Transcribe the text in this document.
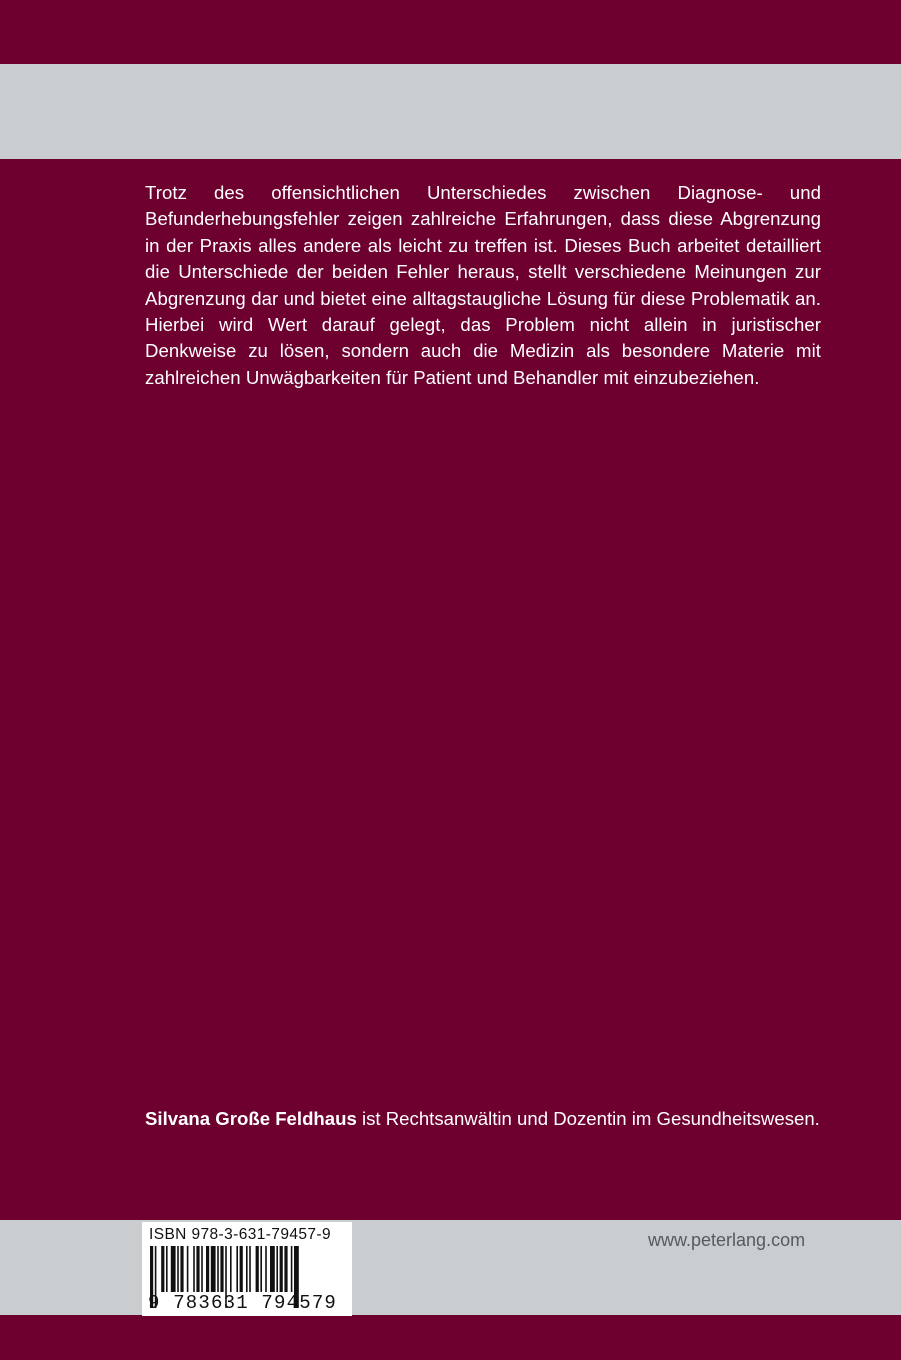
Trotz des offensichtlichen Unterschiedes zwischen Diagnose- und Befunderhebungsfehler zeigen zahlreiche Erfahrungen, dass diese Abgrenzung in der Praxis alles andere als leicht zu treffen ist. Dieses Buch arbeitet detailliert die Unterschiede der beiden Fehler heraus, stellt verschiedene Meinungen zur Abgrenzung dar und bietet eine alltagstaugliche Lösung für diese Problematik an. Hierbei wird Wert darauf gelegt, das Problem nicht allein in juristischer Denkweise zu lösen, sondern auch die Medizin als besondere Materie mit zahlreichen Unwägbarkeiten für Patient und Behandler mit einzubeziehen.

Silvana Große Feldhaus ist Rechtsanwältin und Dozentin im Gesundheitswesen.

ISBN 978-3-631-79457-9
9 783631 794579
www.peterlang.com
